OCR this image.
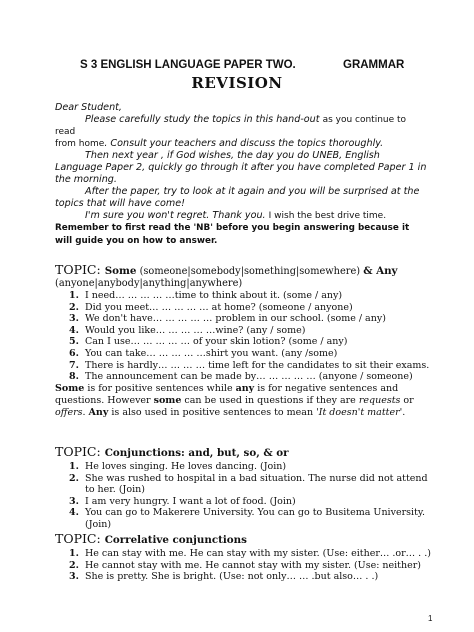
S 3 ENGLISH LANGUAGE PAPER TWO.	GRAMMAR
REVISION

Dear Student,

Please carefully study the topics in this hand-out as you continue to read
from home. Consult your teachers and discuss the topics thoroughly.

Then next year , if God wishes, the day you do UNEB, English Language Paper 2, quickly go through it after you have completed Paper 1 in the morning.

After the paper, try to look at it again and you will be surprised at the topics that will have come!

I'm sure you won't regret. Thank you. I wish the best drive time.

Remember to first read the 'NB' before you begin answering because it will guide you on how to answer.

TOPIC: Some (someone|somebody|something|somewhere) & Any
(anyone|anybody|anything|anywhere)
1. I need… … … … …time to think about it. (some / any)
2. Did you meet… … … … … at home? (someone / anyone)
3. We don't have… … … … … problem in our school. (some / any)
4. Would you like… … … … …wine? (any / some)
5. Can I use… … … … … of your skin lotion? (some / any)
6. You can take… … … … …shirt you want. (any /some)
7. There is hardly… … … … time left for the candidates to sit their exams.
8. The announcement can be made by… … … … … (anyone / someone)

Some is for positive sentences while any is for negative sentences and questions. However some can be used in questions if they are requests or offers. Any is also used in positive sentences to mean 'It doesn't matter'.

TOPIC: Conjunctions: and, but, so, & or
1. He loves singing. He loves dancing. (Join)
2. She was rushed to hospital in a bad situation. The nurse did not attend to her. (Join)
3. I am very hungry. I want a lot of food. (Join)
4. You can go to Makerere University. You can go to Busitema University. (Join)
TOPIC: Correlative conjunctions
1. He can stay with me. He can stay with my sister. (Use: either… .or… . .)
2. He cannot stay with me. He cannot stay with my sister. (Use: neither)
3. She is pretty. She is bright. (Use: not only… … .but also… . .)
1
